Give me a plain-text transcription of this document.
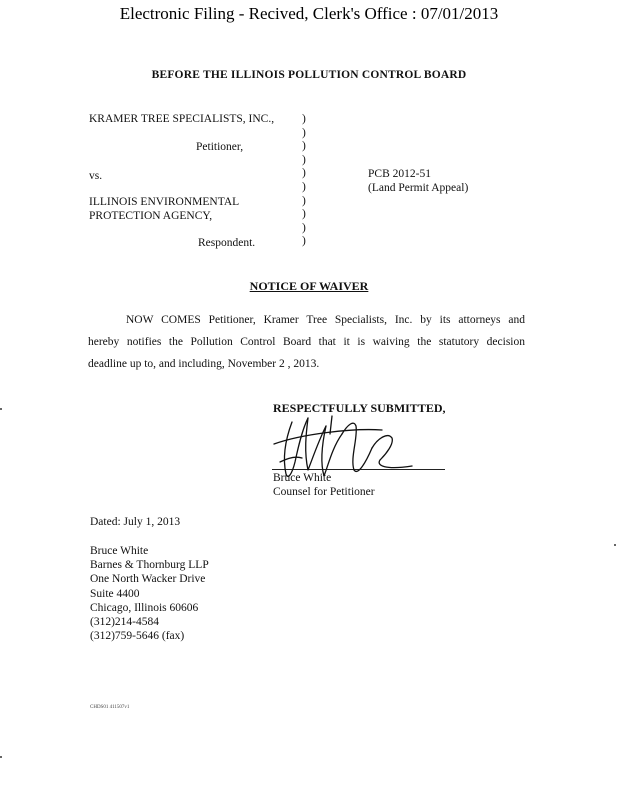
Electronic Filing - Recived, Clerk's Office : 07/01/2013
BEFORE THE ILLINOIS POLLUTION CONTROL BOARD
KRAMER TREE SPECIALISTS, INC.,
Petitioner,
vs.
ILLINOIS ENVIRONMENTAL
PROTECTION AGENCY,
Respondent.
)
)
)
)
)
)
)
)
)
)
PCB 2012-51
(Land Permit Appeal)
NOTICE OF WAIVER
NOW COMES Petitioner, Kramer Tree Specialists, Inc. by its attorneys and
hereby notifies the Pollution Control Board that it is waiving the statutory decision
deadline up to, and including, November 2 , 2013.
RESPECTFULLY SUBMITTED,
Bruce White
Counsel for Petitioner
Dated: July 1, 2013
Bruce White
Barnes & Thornburg LLP
One North Wacker Drive
Suite 4400
Chicago, Illinois 60606
(312)214-4584
(312)759-5646 (fax)
CHDS01 411507v1
